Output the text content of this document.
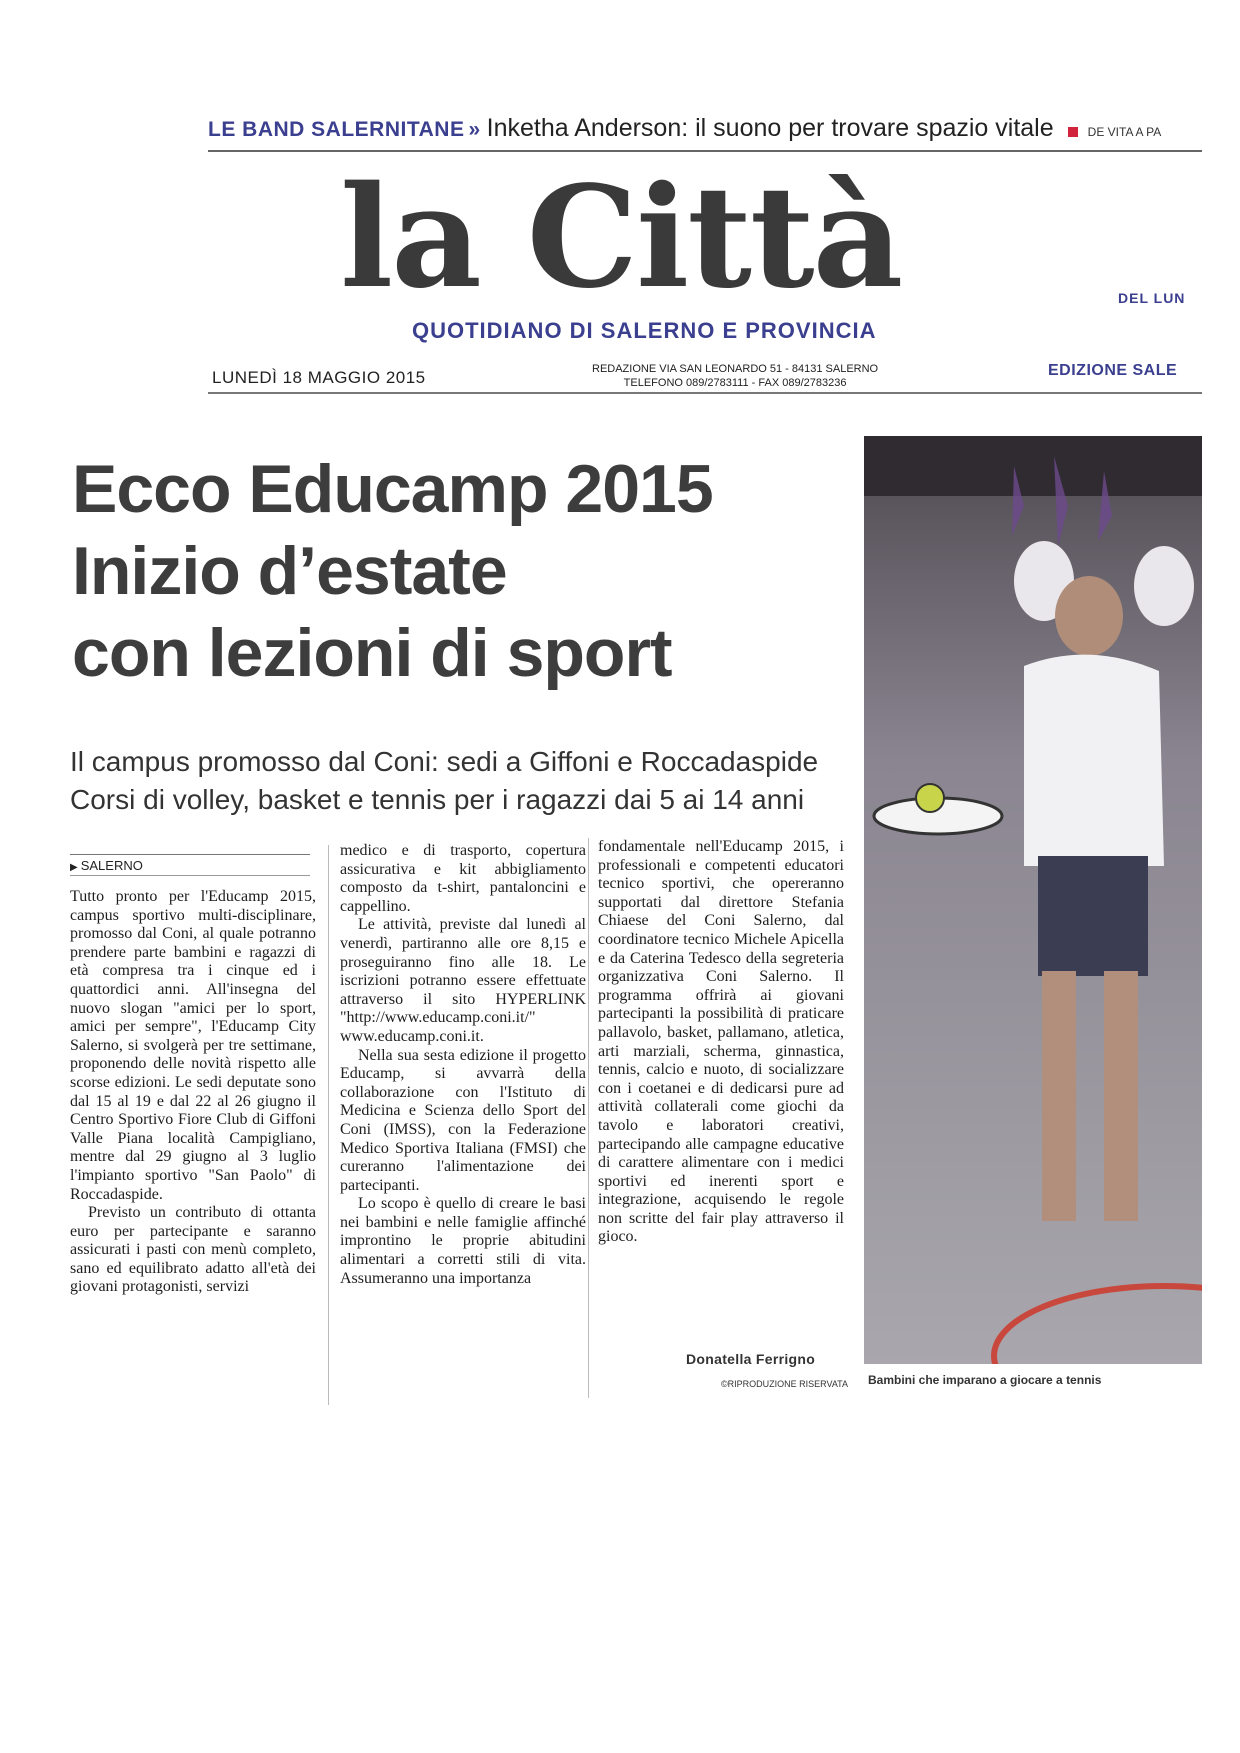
LE BAND SALERNITANE » Inketha Anderson: il suono per trovare spazio vitale	DE VITA A PA
la Città	DEL LUN
QUOTIDIANO DI SALERNO E PROVINCIA
LUNEDÌ 18 MAGGIO 2015	REDAZIONE VIA SAN LEONARDO 51 - 84131 SALERNO
TELEFONO 089/2783111 - FAX 089/2783236
EDIZIONE SALE
Ecco Educamp 2015
Inizio d’estate
con lezioni di sport
Il campus promosso dal Coni: sedi a Giffoni e Roccadaspide
Corsi di volley, basket e tennis per i ragazzi dai 5 ai 14 anni
▶ SALERNO

Tutto pronto per l'Educamp 2015, campus sportivo multi-disciplinare, promosso dal Coni, al quale potranno prendere parte bambini e ragazzi di età compresa tra i cinque ed i quattordici anni. All'insegna del nuovo slogan "amici per lo sport, amici per sempre", l'Educamp City Salerno, si svolgerà per tre settimane, proponendo delle novità rispetto alle scorse edizioni. Le sedi deputate sono dal 15 al 19 e dal 22 al 26 giugno il Centro Sportivo Fiore Club di Giffoni Valle Piana località Campigliano, mentre dal 29 giugno al 3 luglio l'impianto sportivo "San Paolo" di Roccadaspide.

Previsto un contributo di ottanta euro per partecipante e saranno assicurati i pasti con menù completo, sano ed equilibrato adatto all'età dei giovani protagonisti, servizi

medico e di trasporto, copertura assicurativa e kit abbigliamento composto da t-shirt, pantaloncini e cappellino.

Le attività, previste dal lunedì al venerdì, partiranno alle ore 8,15 e proseguiranno fino alle 18. Le iscrizioni potranno essere effettuate attraverso il sito HYPERLINK "http://www.educamp.coni.it/" www.educamp.coni.it.

Nella sua sesta edizione il progetto Educamp, si avvarrà della collaborazione con l'Istituto di Medicina e Scienza dello Sport del Coni (IMSS), con la Federazione Medico Sportiva Italiana (FMSI) che cureranno l'alimentazione dei partecipanti.

Lo scopo è quello di creare le basi nei bambini e nelle famiglie affinché improntino le proprie abitudini alimentari a corretti stili di vita. Assumeranno una importanza

fondamentale nell'Educamp 2015, i professionali e competenti educatori tecnico sportivi, che opereranno supportati dal direttore Stefania Chiaese del Coni Salerno, dal coordinatore tecnico Michele Apicella e da Caterina Tedesco della segreteria organizzativa Coni Salerno. Il programma offrirà ai giovani partecipanti la possibilità di praticare pallavolo, basket, pallamano, atletica, arti marziali, scherma, ginnastica, tennis, calcio e nuoto, di socializzare con i coetanei e di dedicarsi pure ad attività collaterali come giochi da tavolo e laboratori creativi, partecipando alle campagne educative di carattere alimentare con i medici sportivi ed inerenti sport e integrazione, acquisendo le regole non scritte del fair play attraverso il gioco.

Donatella Ferrigno
©RIPRODUZIONE RISERVATA Bambini che imparano a giocare a tennis
